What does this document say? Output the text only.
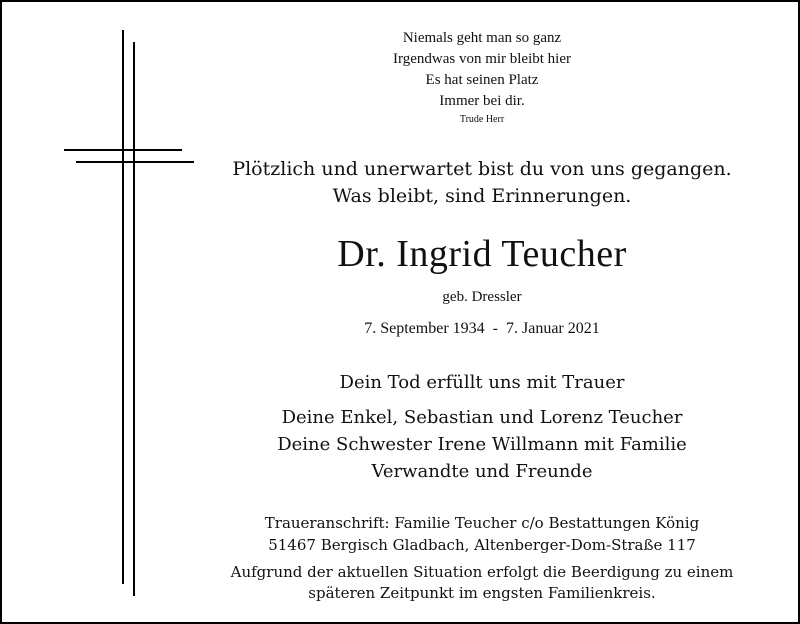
Niemals geht man so ganz
Irgendwas von mir bleibt hier
Es hat seinen Platz
Immer bei dir.
Trude Herr
Plötzlich und unerwartet bist du von uns gegangen.
Was bleibt, sind Erinnerungen.
Dr. Ingrid Teucher
geb. Dressler
7. September 1934  -  7. Januar 2021
Dein Tod erfüllt uns mit Trauer
Deine Enkel, Sebastian und Lorenz Teucher
Deine Schwester Irene Willmann mit Familie
Verwandte und Freunde
Traueranschrift: Familie Teucher c/o Bestattungen König
51467 Bergisch Gladbach, Altenberger-Dom-Straße 117
Aufgrund der aktuellen Situation erfolgt die Beerdigung zu einem
späteren Zeitpunkt im engsten Familienkreis.
